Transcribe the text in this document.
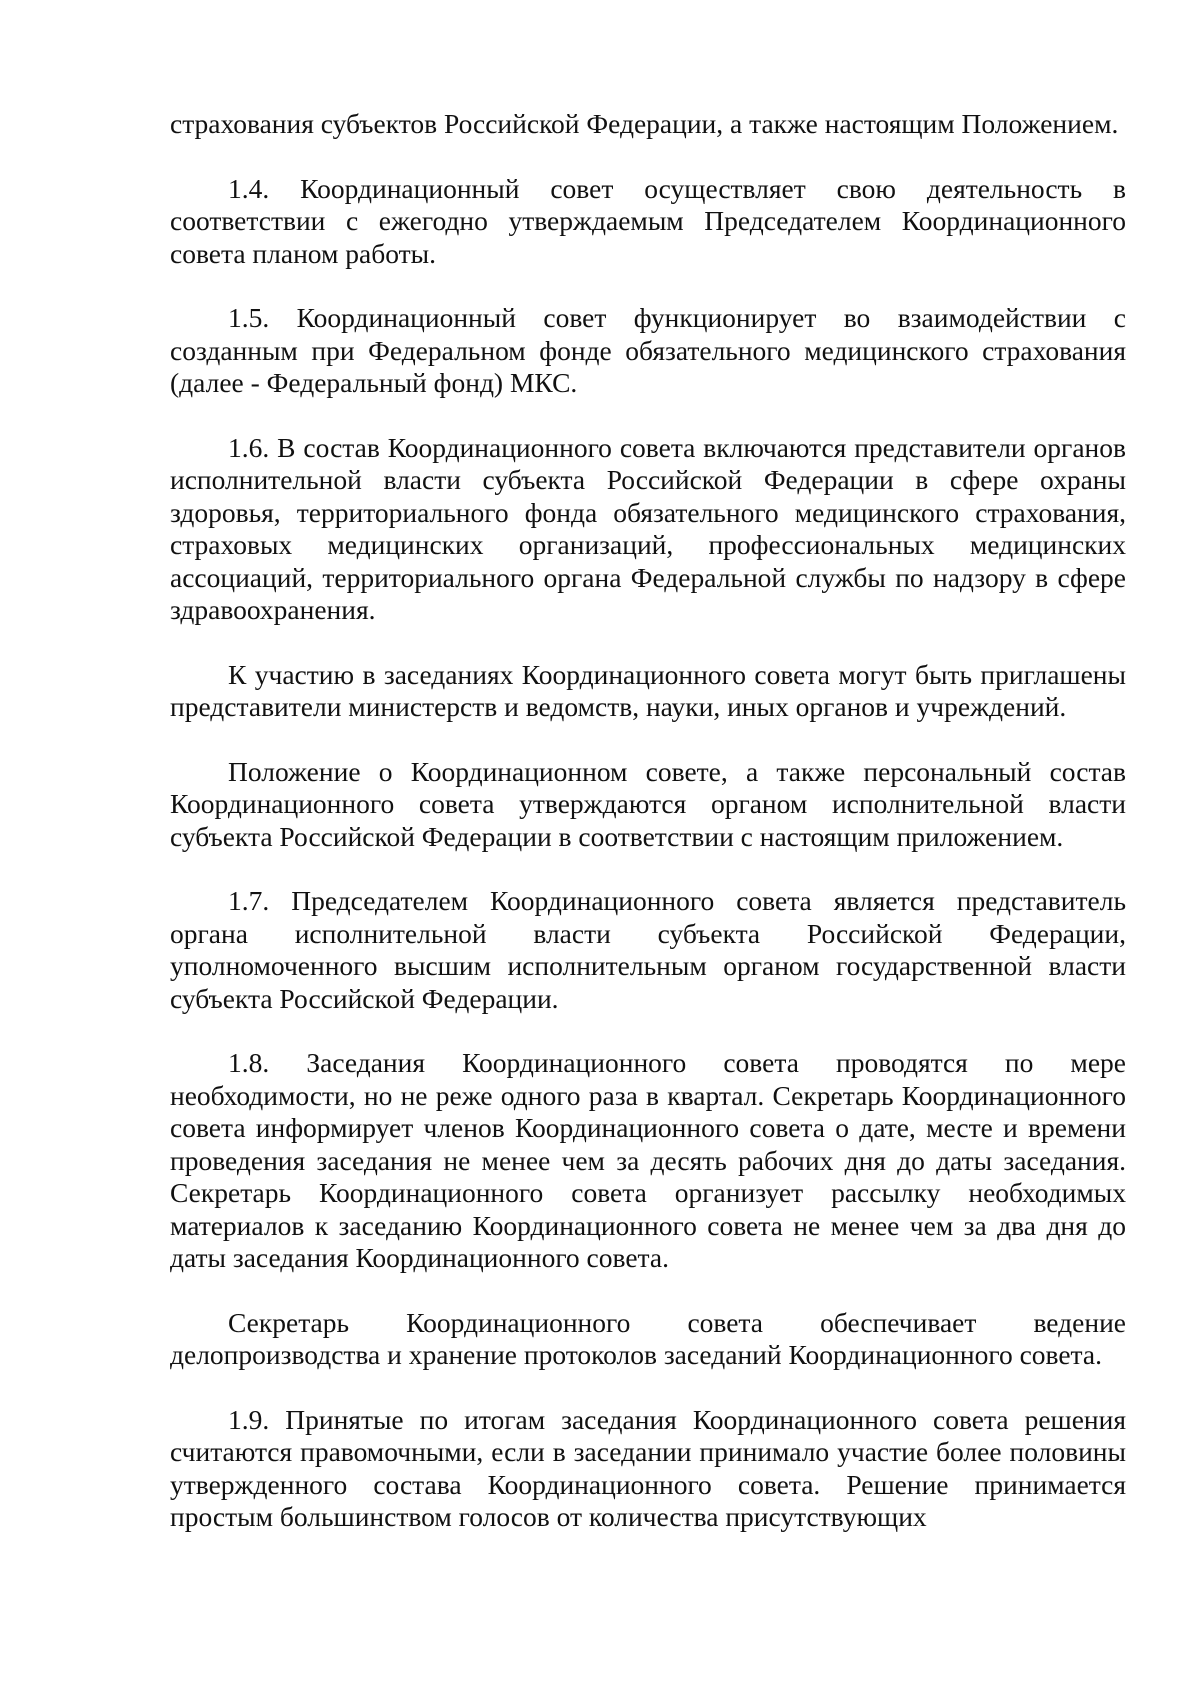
страхования субъектов Российской Федерации, а также настоящим Положением.

1.4. Координационный совет осуществляет свою деятельность в соответствии с ежегодно утверждаемым Председателем Координационного совета планом работы.

1.5. Координационный совет функционирует во взаимодействии с созданным при Федеральном фонде обязательного медицинского страхования (далее - Федеральный фонд) МКС.

1.6. В состав Координационного совета включаются представители органов исполнительной власти субъекта Российской Федерации в сфере охраны здоровья, территориального фонда обязательного медицинского страхования, страховых медицинских организаций, профессиональных медицинских ассоциаций, территориального органа Федеральной службы по надзору в сфере здравоохранения.

К участию в заседаниях Координационного совета могут быть приглашены представители министерств и ведомств, науки, иных органов и учреждений.

Положение о Координационном совете, а также персональный состав Координационного совета утверждаются органом исполнительной власти субъекта Российской Федерации в соответствии с настоящим приложением.

1.7. Председателем Координационного совета является представитель органа исполнительной власти субъекта Российской Федерации, уполномоченного высшим исполнительным органом государственной власти субъекта Российской Федерации.

1.8. Заседания Координационного совета проводятся по мере необходимости, но не реже одного раза в квартал. Секретарь Координационного совета информирует членов Координационного совета о дате, месте и времени проведения заседания не менее чем за десять рабочих дня до даты заседания. Секретарь Координационного совета организует рассылку необходимых материалов к заседанию Координационного совета не менее чем за два дня до даты заседания Координационного совета.

Секретарь Координационного совета обеспечивает ведение делопроизводства и хранение протоколов заседаний Координационного совета.

1.9. Принятые по итогам заседания Координационного совета решения считаются правомочными, если в заседании принимало участие более половины утвержденного состава Координационного совета. Решение принимается простым большинством голосов от количества присутствующих
